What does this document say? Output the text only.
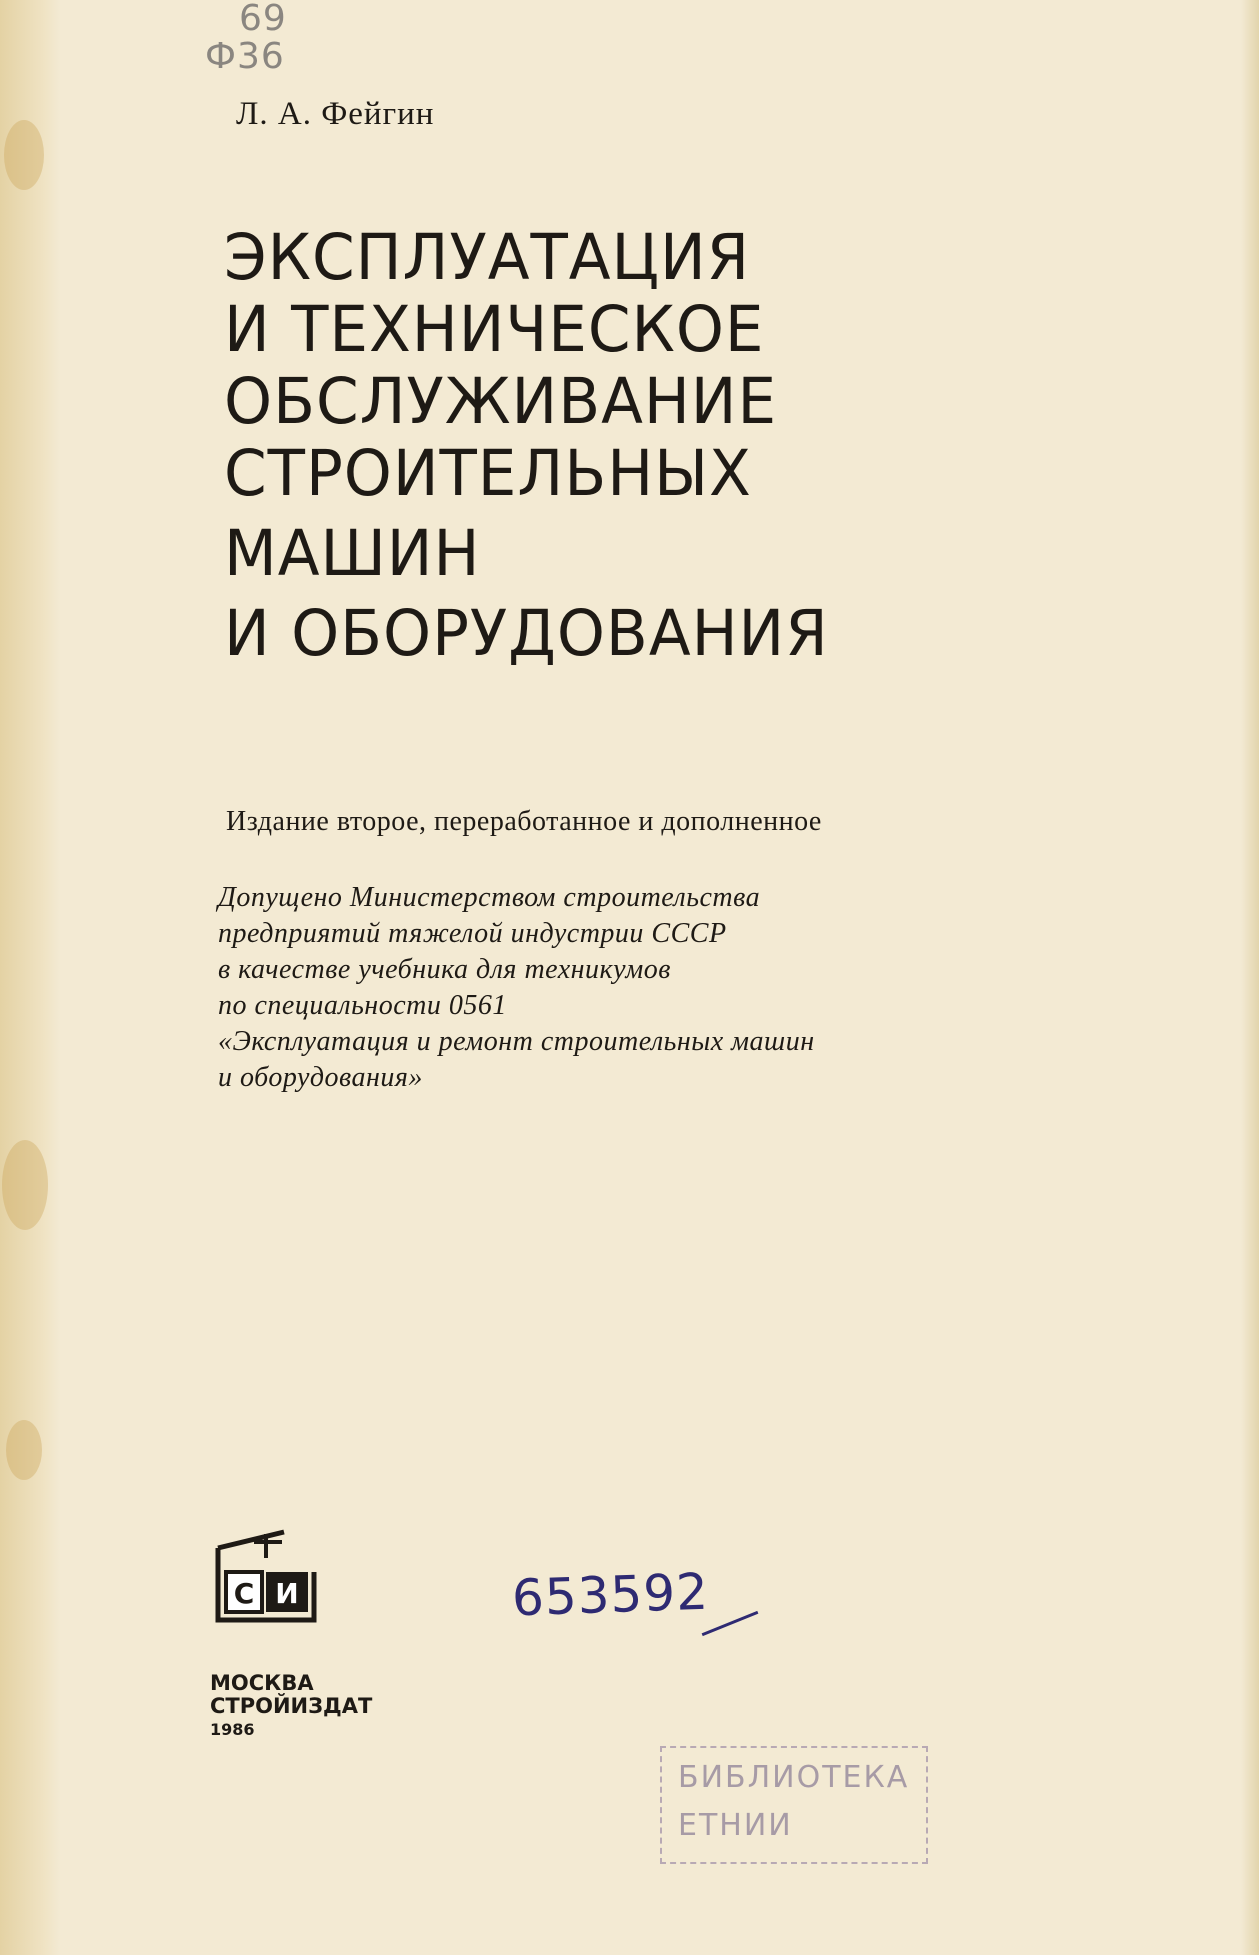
69
Ф36
Л. А. Фейгин
ЭКСПЛУАТАЦИЯ
И ТЕХНИЧЕСКОЕ
ОБСЛУЖИВАНИЕ
СТРОИТЕЛЬНЫХ
МАШИН
И ОБОРУДОВАНИЯ
Издание второе, переработанное и дополненное
Допущено Министерством строительства
предприятий тяжелой индустрии СССР
в качестве учебника для техникумов
по специальности 0561
«Эксплуатация и ремонт строительных машин
и оборудования»
С И	653592
МОСКВА
СТРОЙИЗДАТ
1986
БИБЛИОТЕКА
ЕТНИИ
